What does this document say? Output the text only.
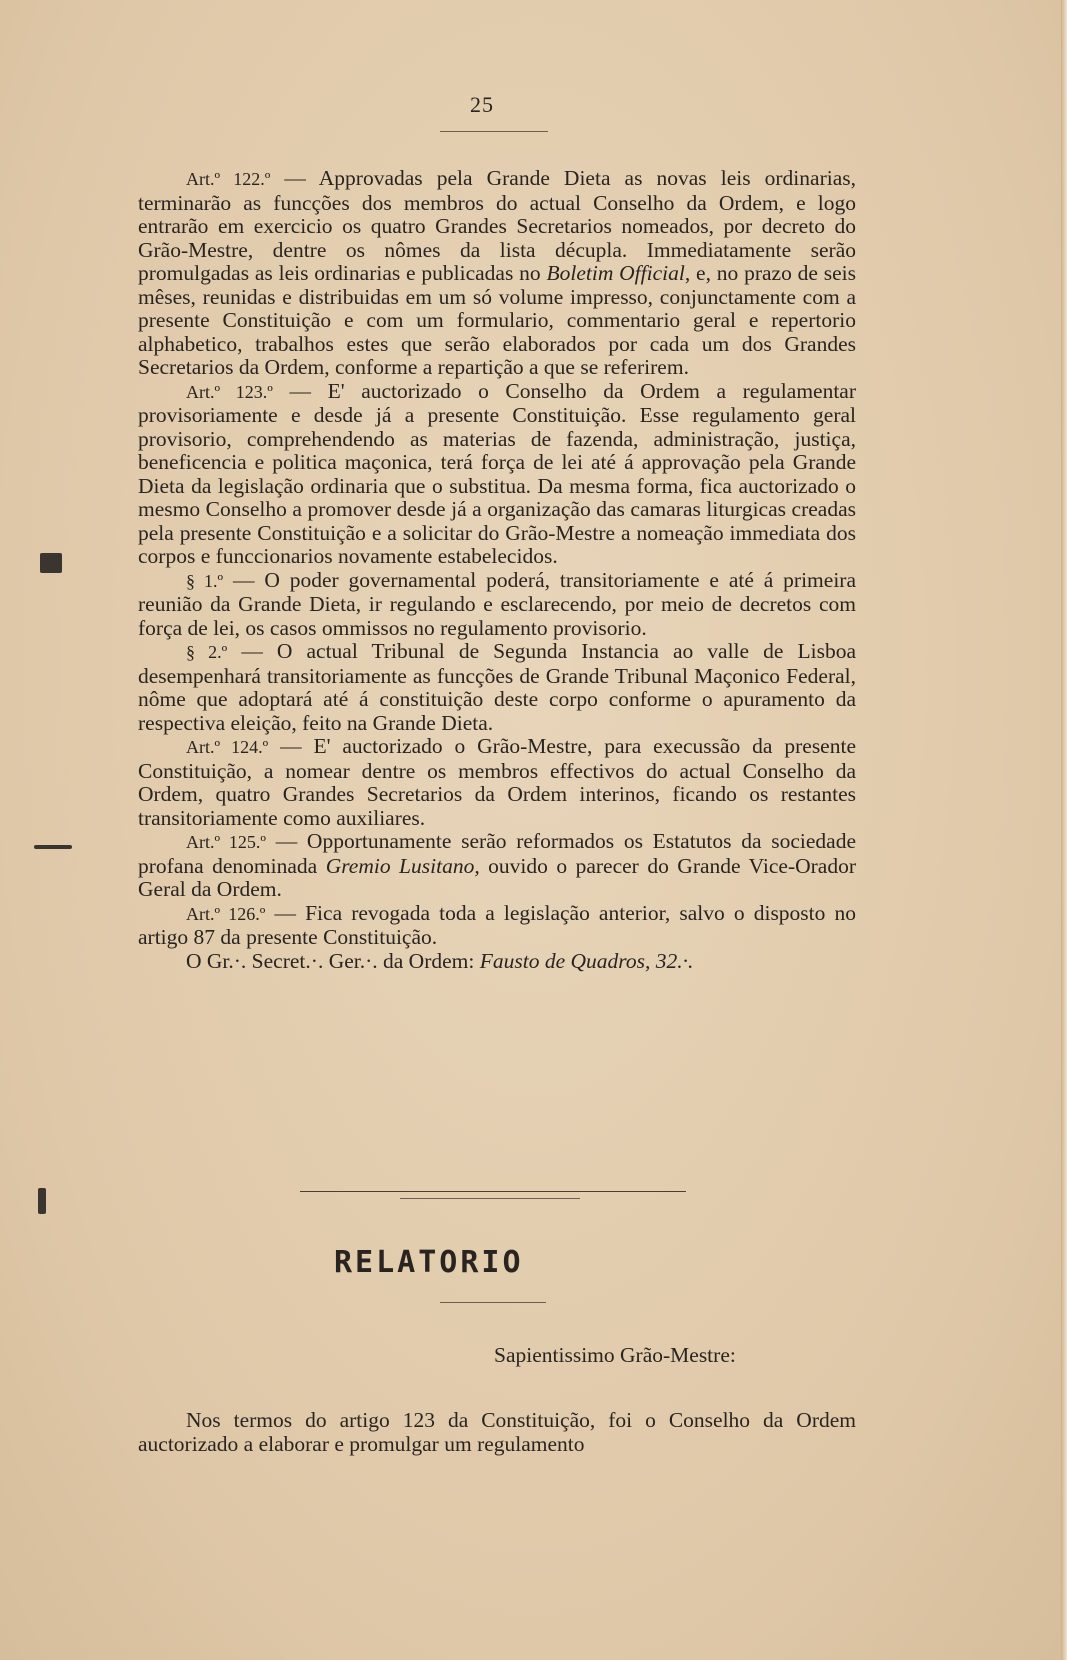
25

Art.º 122.º — Approvadas pela Grande Dieta as novas leis ordinarias, terminarão as funcções dos membros do actual Conselho da Ordem, e logo entrarão em exercicio os quatro Grandes Secretarios nomeados, por decreto do Grão-Mestre, dentre os nômes da lista décupla. Immediatamente serão promulgadas as leis ordinarias e publicadas no Boletim Official, e, no prazo de seis mêses, reunidas e distribuidas em um só volume impresso, conjunctamente com a presente Constituição e com um formulario, commentario geral e repertorio alphabetico, trabalhos estes que serão elaborados por cada um dos Grandes Secretarios da Ordem, conforme a repartição a que se referirem.

Art.º 123.º — E' auctorizado o Conselho da Ordem a regulamentar provisoriamente e desde já a presente Constituição. Esse regulamento geral provisorio, comprehendendo as materias de fazenda, administração, justiça, beneficencia e politica maçonica, terá força de lei até á approvação pela Grande Dieta da legislação ordinaria que o substitua. Da mesma forma, fica auctorizado o mesmo Conselho a promover desde já a organização das camaras liturgicas creadas pela presente Constituição e a solicitar do Grão-Mestre a nomeação immediata dos corpos e funccionarios novamente estabelecidos.

§ 1.º — O poder governamental poderá, transitoriamente e até á primeira reunião da Grande Dieta, ir regulando e esclarecendo, por meio de decretos com força de lei, os casos ommissos no regulamento provisorio.

§ 2.º — O actual Tribunal de Segunda Instancia ao valle de Lisboa desempenhará transitoriamente as funcções de Grande Tribunal Maçonico Federal, nôme que adoptará até á constituição deste corpo conforme o apuramento da respectiva eleição, feito na Grande Dieta.

Art.º 124.º — E' auctorizado o Grão-Mestre, para execussão da presente Constituição, a nomear dentre os membros effectivos do actual Conselho da Ordem, quatro Grandes Secretarios da Ordem interinos, ficando os restantes transitoriamente como auxiliares.

Art.º 125.º — Opportunamente serão reformados os Estatutos da sociedade profana denominada Gremio Lusitano, ouvido o parecer do Grande Vice-Orador Geral da Ordem.

Art.º 126.º — Fica revogada toda a legislação anterior, salvo o disposto no artigo 87 da presente Constituição.

O Gr.·. Secret.·. Ger.·. da Ordem: Fausto de Quadros, 32.·.

RELATORIO
Sapientissimo Grão-Mestre:

Nos termos do artigo 123 da Constituição, foi o Conselho da Ordem auctorizado a elaborar e promulgar um regulamento
